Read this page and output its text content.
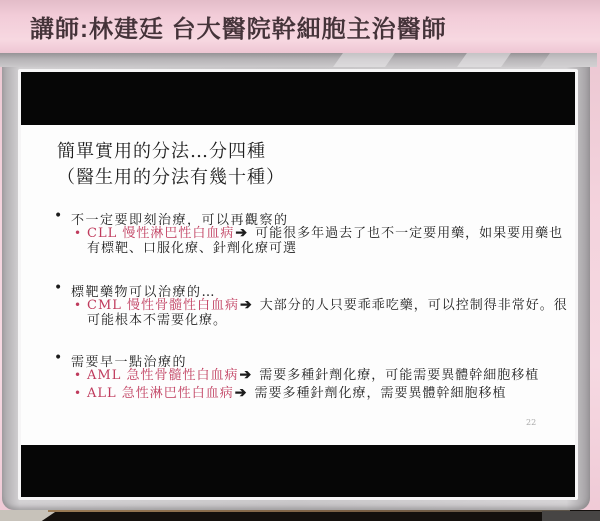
講師:林建廷 台大醫院幹細胞主治醫師
簡單實用的分法…分四種
（醫生用的分法有幾十種）
• 不一定要即刻治療，可以再觀察的
• CLL 慢性淋巴性白血病➔ 可能很多年過去了也不一定要用藥，如果要用藥也有標靶、口服化療、針劑化療可選
• 標靶藥物可以治療的…
• CML 慢性骨髓性白血病➔ 大部分的人只要乖乖吃藥，可以控制得非常好。很可能根本不需要化療。
• 需要早一點治療的
• AML 急性骨髓性白血病➔ 需要多種針劑化療，可能需要異體幹細胞移植
• ALL 急性淋巴性白血病➔ 需要多種針劑化療，需要異體幹細胞移植
22
